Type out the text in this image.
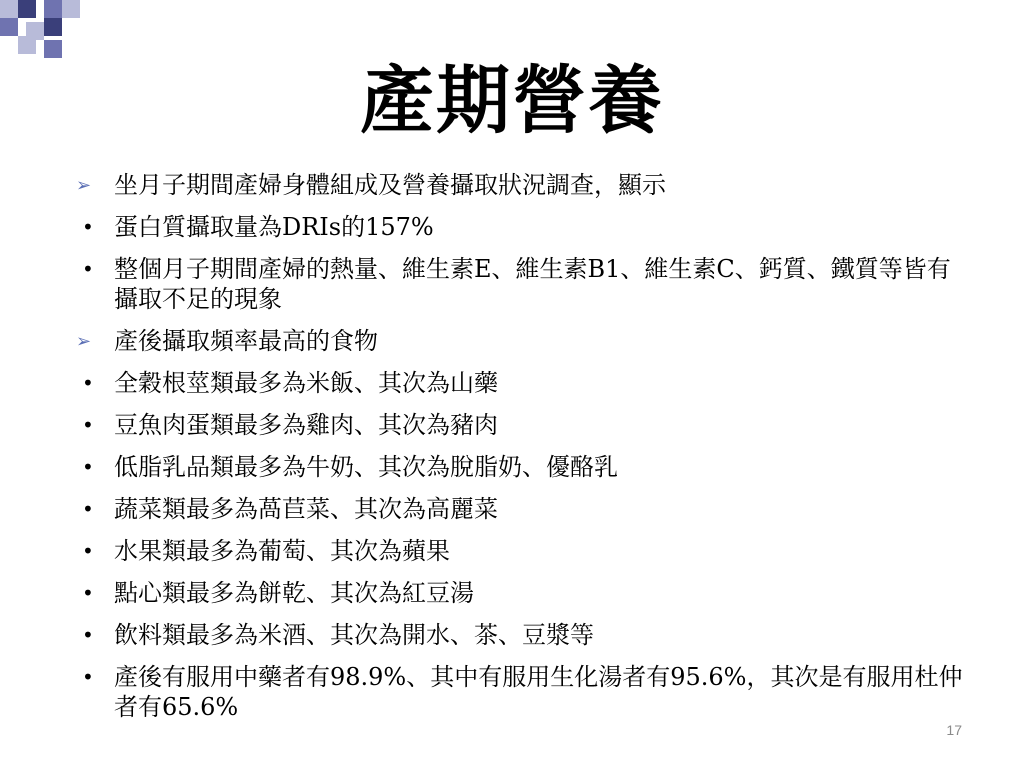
產期營養
➢ 坐月子期間產婦身體組成及營養攝取狀況調查，顯示
• 蛋白質攝取量為DRIs的157%
• 整個月子期間產婦的熱量、維生素E、維生素B1、維生素C、鈣質、鐵質等皆有攝取不足的現象
➢ 產後攝取頻率最高的食物
• 全穀根莖類最多為米飯、其次為山藥
• 豆魚肉蛋類最多為雞肉、其次為豬肉
• 低脂乳品類最多為牛奶、其次為脫脂奶、優酪乳
• 蔬菜類最多為萵苣菜、其次為高麗菜
• 水果類最多為葡萄、其次為蘋果
• 點心類最多為餅乾、其次為紅豆湯
• 飲料類最多為米酒、其次為開水、茶、豆漿等
• 產後有服用中藥者有98.9%、其中有服用生化湯者有95.6%，其次是有服用杜仲者有65.6%
17
